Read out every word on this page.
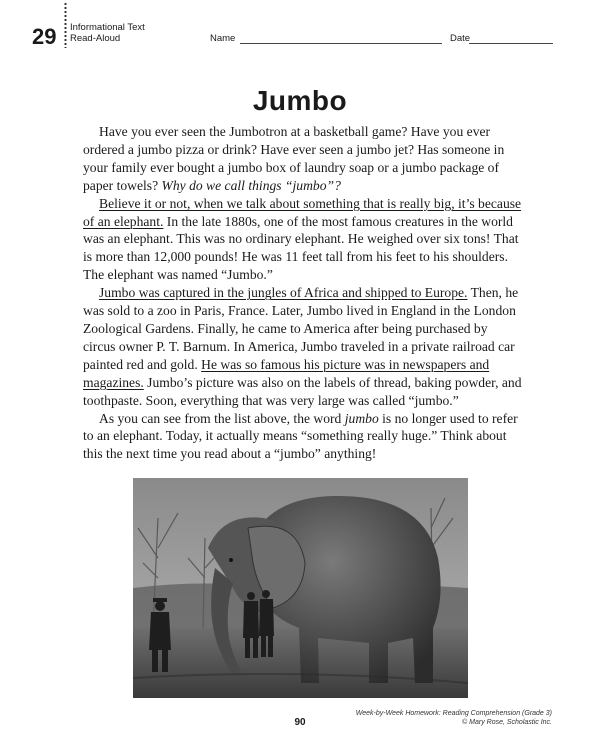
29 Informational Text
Read-Aloud	Name	Date
Jumbo

Have you ever seen the Jumbotron at a basketball game? Have you ever ordered a jumbo pizza or drink? Have ever seen a jumbo jet? Has someone in your family ever bought a jumbo box of laundry soap or a jumbo package of paper towels? Why do we call things “jumbo”?

Believe it or not, when we talk about something that is really big, it’s because of an elephant. In the late 1880s, one of the most famous creatures in the world was an elephant. This was no ordinary elephant. He weighed over six tons! That is more than 12,000 pounds! He was 11 feet tall from his feet to his shoulders. The elephant was named “Jumbo.”

Jumbo was captured in the jungles of Africa and shipped to Europe. Then, he was sold to a zoo in Paris, France. Later, Jumbo lived in England in the London Zoological Gardens. Finally, he came to America after being purchased by circus owner P. T. Barnum. In America, Jumbo traveled in a private railroad car painted red and gold. He was so famous his picture was in newspapers and magazines. Jumbo’s picture was also on the labels of thread, baking powder, and toothpaste. Soon, everything that was very large was called “jumbo.”

As you can see from the list above, the word jumbo is no longer used to refer to an elephant. Today, it actually means “something really huge.” Think about this the next time you read about a “jumbo” anything!

90
Week-by-Week Homework: Reading Comprehension (Grade 3)
© Mary Rose, Scholastic Inc.
